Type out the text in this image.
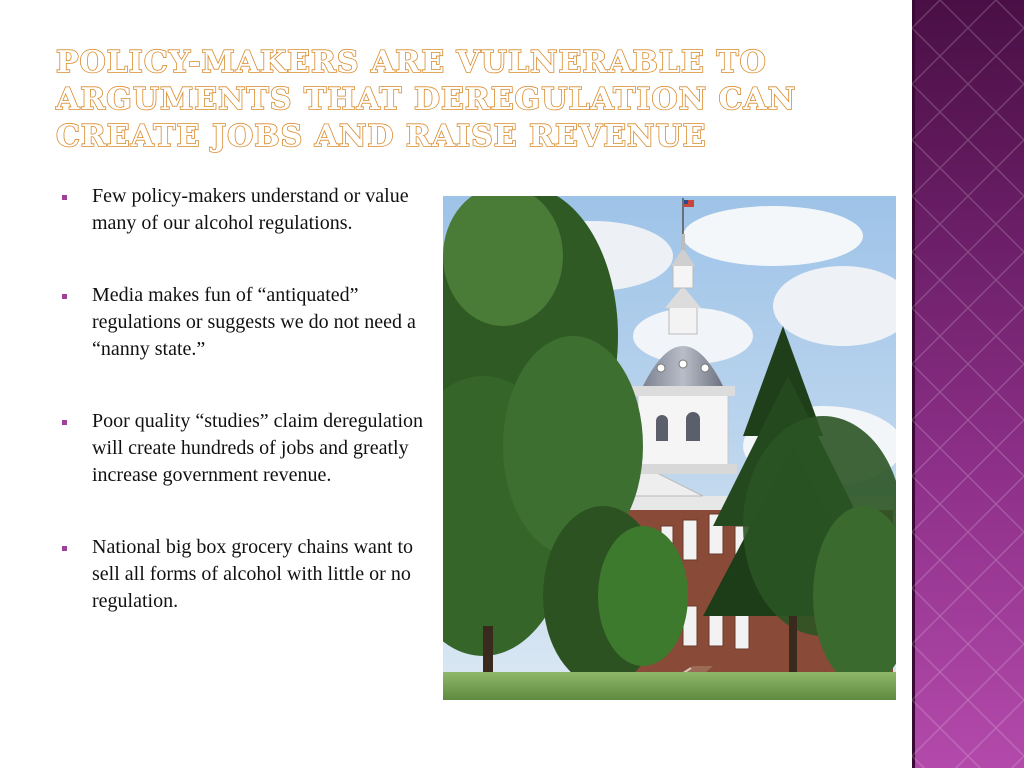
POLICY-MAKERS ARE VULNERABLE TO ARGUMENTS THAT DEREGULATION CAN CREATE JOBS AND RAISE REVENUE
Few policy-makers understand or value many of our alcohol regulations.
Media makes fun of “antiquated” regulations or suggests we do not need a “nanny state.”
Poor quality “studies” claim deregulation will create hundreds of jobs and greatly increase government revenue.
National big box grocery chains want to sell all forms of alcohol with little or no regulation.
